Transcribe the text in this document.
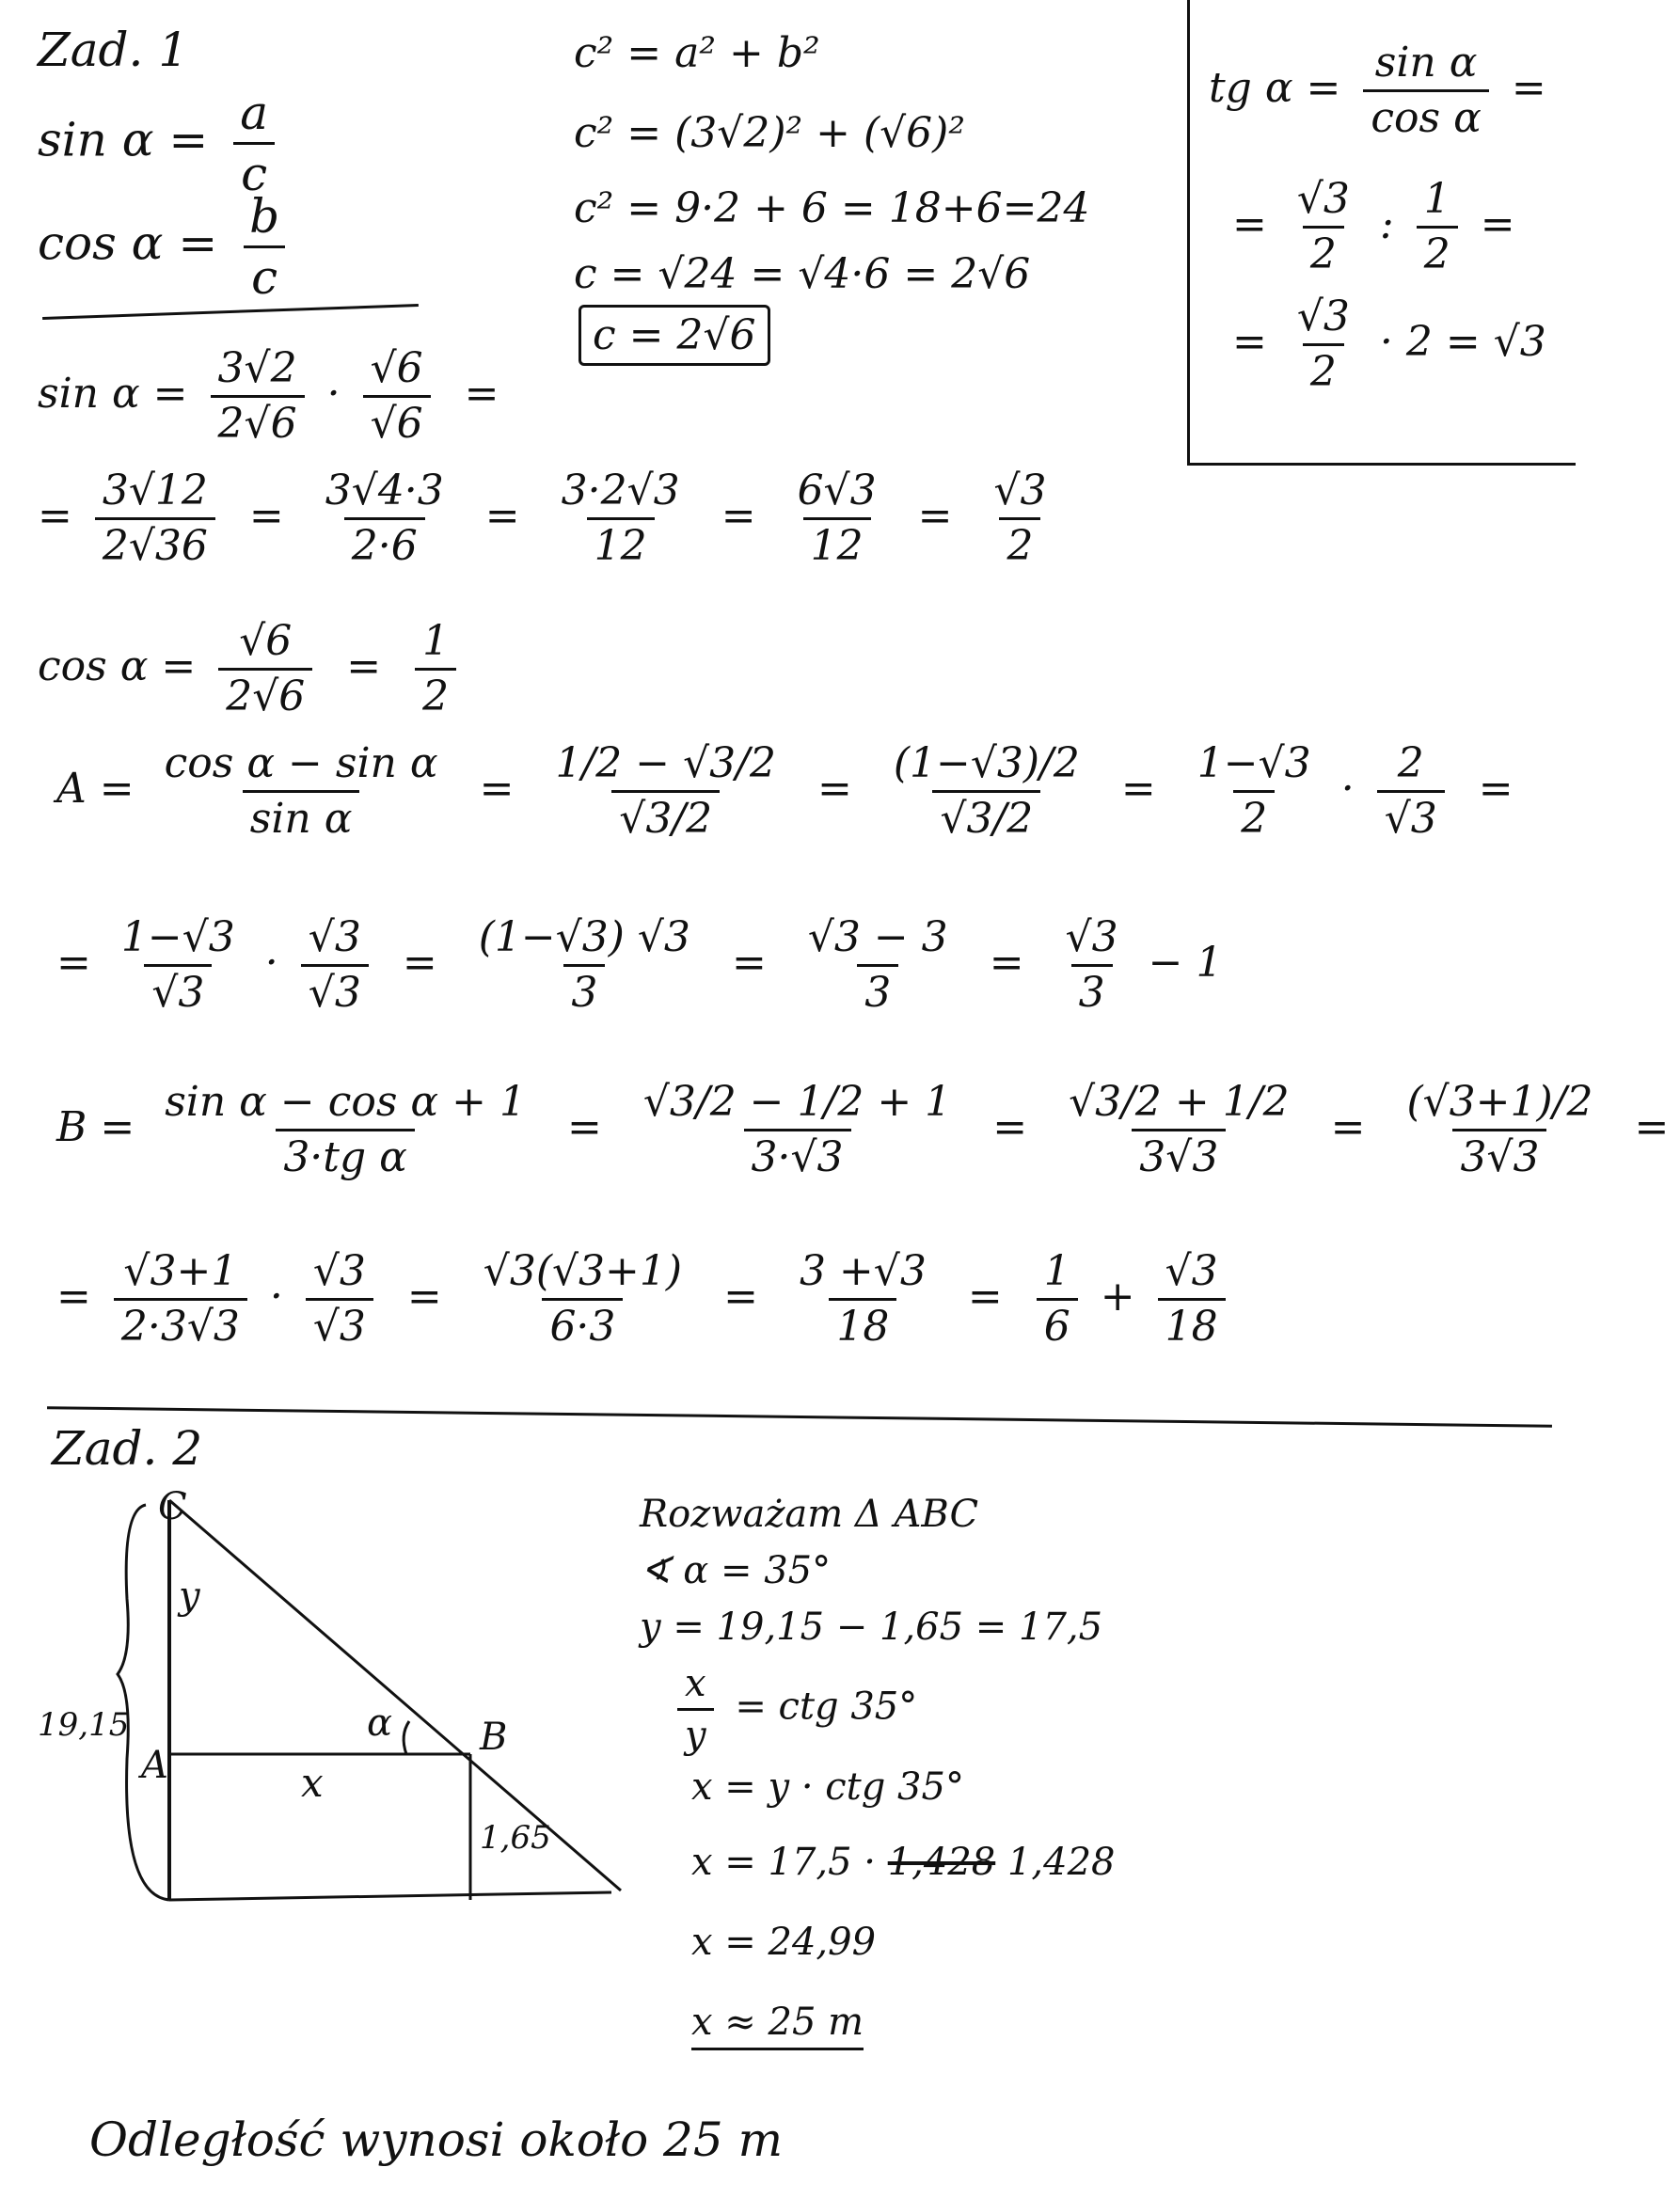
Zad. 1
$\sin \alpha = \frac{a}{c}$
$\cos \alpha = \frac{b}{c}$
c² = a² + b²
c² = (3√2)² + (√6)²
c² = 9·2 + 6 = 18+6=24
c = √24 = √4·6 = 2√6
c = 2√6
tg $\alpha = \frac{\text{sin α}}{\text{cos α}}$ =
= $\frac{√3}{2}$ : $\frac{1}{2}$ =
= $\frac{√3}{2} \cdot 2 = √3$
$\sin \alpha = \frac{3√2}{2√6} \cdot \frac{√6}{√6}$ =
= $\frac{3√12}{2√36} = \frac{3√4\cdot 3}{2\cdot 6} = \frac{3\cdot 2√3}{12} = \frac{6√3}{12} = \frac{√3}{2}$
$\cos \alpha = \frac{√6}{2√6} = \frac{1}{2}$
$A = \frac{\text{cos α − sin α}}{\text{sin α}} = \frac{1/2 - √3/2}{√3/2} = \frac{(1-√3)/2}{√3/2} = \frac{1-√3}{2} \cdot \frac{2}{√3}$ =
= $\frac{1-√3}{√3} \cdot \frac{√3}{√3} = \frac{(1-√3) √3}{3} = \frac{√3 - 3}{3} = \frac{√3}{3} - 1$
$B = \frac{\text{sin α − cos α + 1}}{\text{3·tg α}} = \frac{√3/2 - 1/2 + 1}{3\cdot√3} = \frac{√3/2 + 1/2}{3√3} = \frac{(√3+1)/2}{3√3}$ =
= $\frac{√3+1}{2\cdot 3√3} \cdot \frac{√3}{√3} = \frac{√3(√3+1)}{6\cdot 3} = \frac{3 +√3}{18} = \frac{1}{6} + \frac{√3}{18}$
Zad. 2
C
A
B
y
x
α
19,15
1,65
Rozważam Δ ABC
∢ α = 35°
y = 19,15 − 1,65 = 17,5
$\frac{x}{y}$ = ctg 35°
x = y · ctg 35°
x = 17,5 · 1,428 1,428
x = 24,99
x ≈ 25 m
Odległość wynosi około 25 m
